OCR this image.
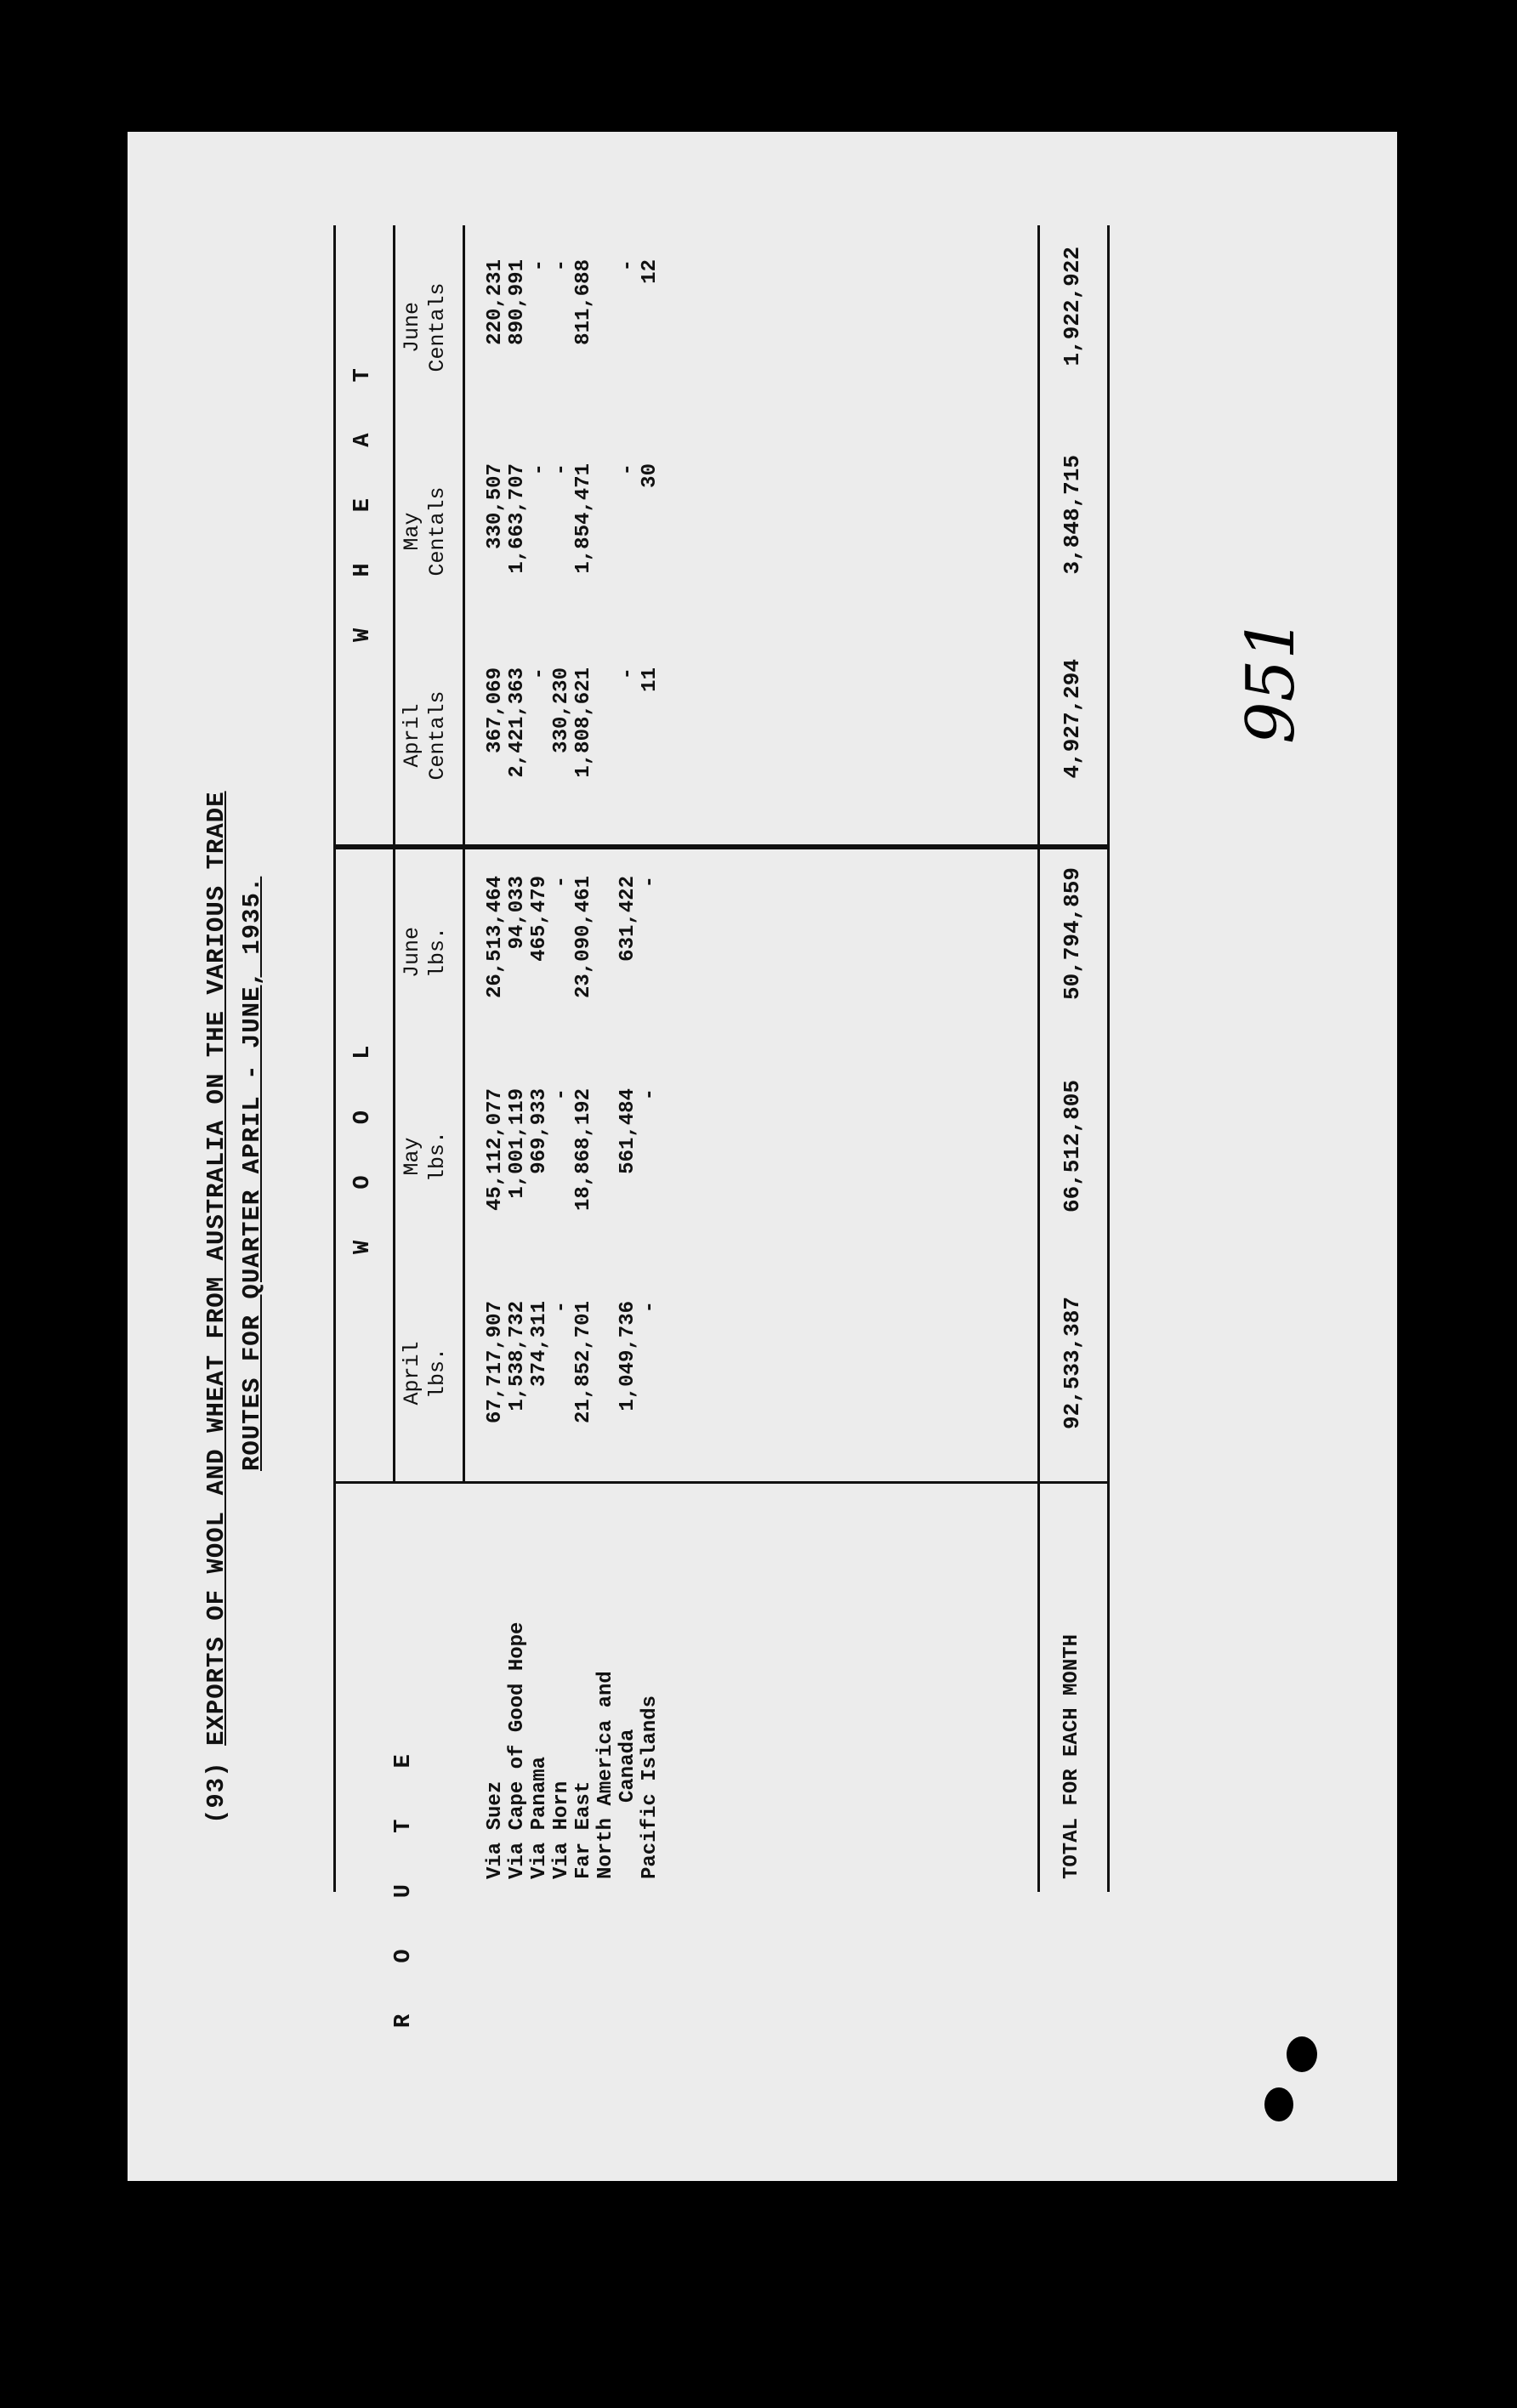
(93) EXPORTS OF WOOL AND WHEAT FROM AUSTRALIA ON THE VARIOUS TRADE ROUTES FOR QUARTER APRIL - JUNE, 1935.
R O U T E
W O O L
W H E A T
April lbs.
May lbs.
June lbs.
April Centals
May Centals
June Centals
Via Suez Via Cape of Good Hope Via Panama Via Horn Far East North America and Canada Pacific Islands
67,717,907 1,538,732 374,311 - 21,852,701 1,049,736 -
45,112,077 1,001,119 969,933 - 18,868,192 561,484 -
26,513,464 94,033 465,479 - 23,090,461 631,422 -
367,069 2,421,363 - 330,230 1,808,621 - 11
330,507 1,663,707 - - 1,854,471 - 30
220,231 890,991 - - 811,688 - 12
TOTAL FOR EACH MONTH
92,533,387
66,512,805
50,794,859
4,927,294
3,848,715
1,922,922
951
